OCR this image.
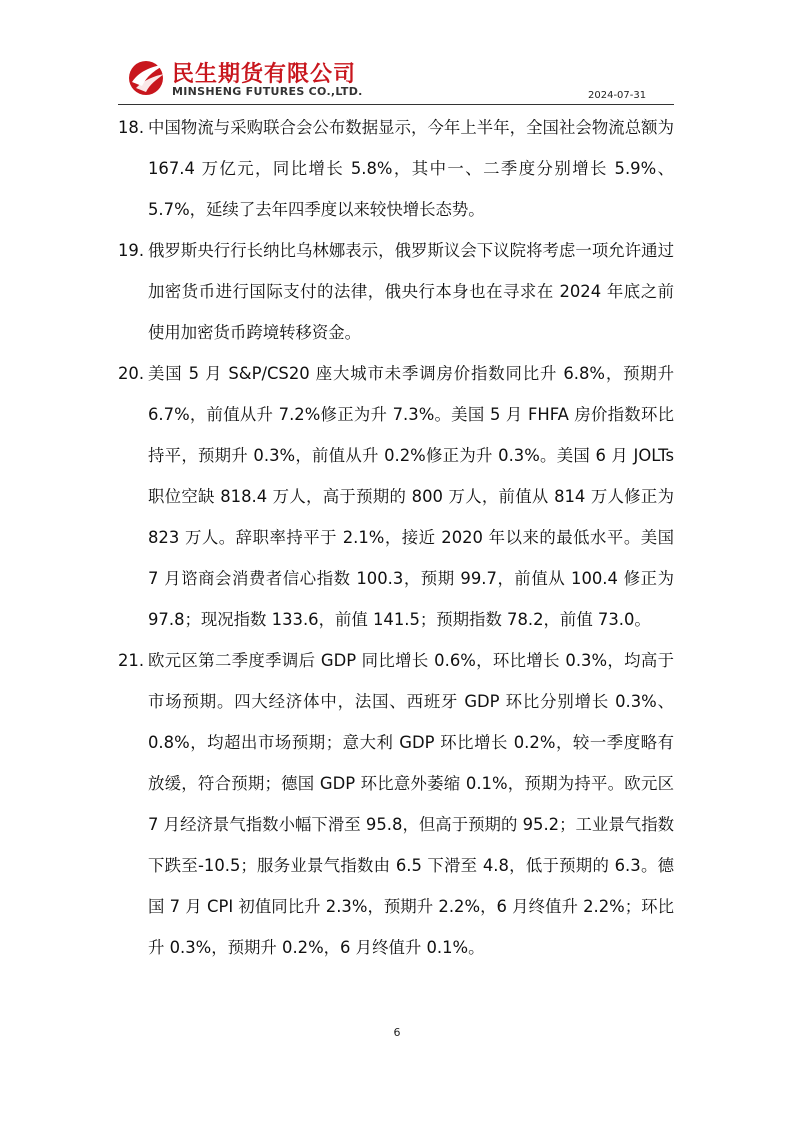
民生期货有限公司
MINSHENG FUTURES CO.,LTD.	2024-07-31

18. 中国物流与采购联合会公布数据显示，今年上半年，全国社会物流总额为 167.4 万亿元，同比增长 5.8%，其中一、二季度分别增长 5.9%、5.7%，延续了去年四季度以来较快增长态势。

19. 俄罗斯央行行长纳比乌林娜表示，俄罗斯议会下议院将考虑一项允许通过加密货币进行国际支付的法律，俄央行本身也在寻求在 2024 年底之前使用加密货币跨境转移资金。

20. 美国 5 月 S&P/CS20 座大城市未季调房价指数同比升 6.8%，预期升 6.7%，前值从升 7.2%修正为升 7.3%。美国 5 月 FHFA 房价指数环比持平，预期升 0.3%，前值从升 0.2%修正为升 0.3%。美国 6 月 JOLTs 职位空缺 818.4 万人，高于预期的 800 万人，前值从 814 万人修正为 823 万人。辞职率持平于 2.1%，接近 2020 年以来的最低水平。美国 7 月谘商会消费者信心指数 100.3，预期 99.7，前值从 100.4 修正为 97.8；现况指数 133.6，前值 141.5；预期指数 78.2，前值 73.0。

21. 欧元区第二季度季调后 GDP 同比增长 0.6%，环比增长 0.3%，均高于市场预期。四大经济体中，法国、西班牙 GDP 环比分别增长 0.3%、0.8%，均超出市场预期；意大利 GDP 环比增长 0.2%，较一季度略有放缓，符合预期；德国 GDP 环比意外萎缩 0.1%，预期为持平。欧元区 7 月经济景气指数小幅下滑至 95.8，但高于预期的 95.2；工业景气指数下跌至-10.5；服务业景气指数由 6.5 下滑至 4.8，低于预期的 6.3。德国 7 月 CPI 初值同比升 2.3%，预期升 2.2%，6 月终值升 2.2%；环比升 0.3%，预期升 0.2%，6 月终值升 0.1%。

6
